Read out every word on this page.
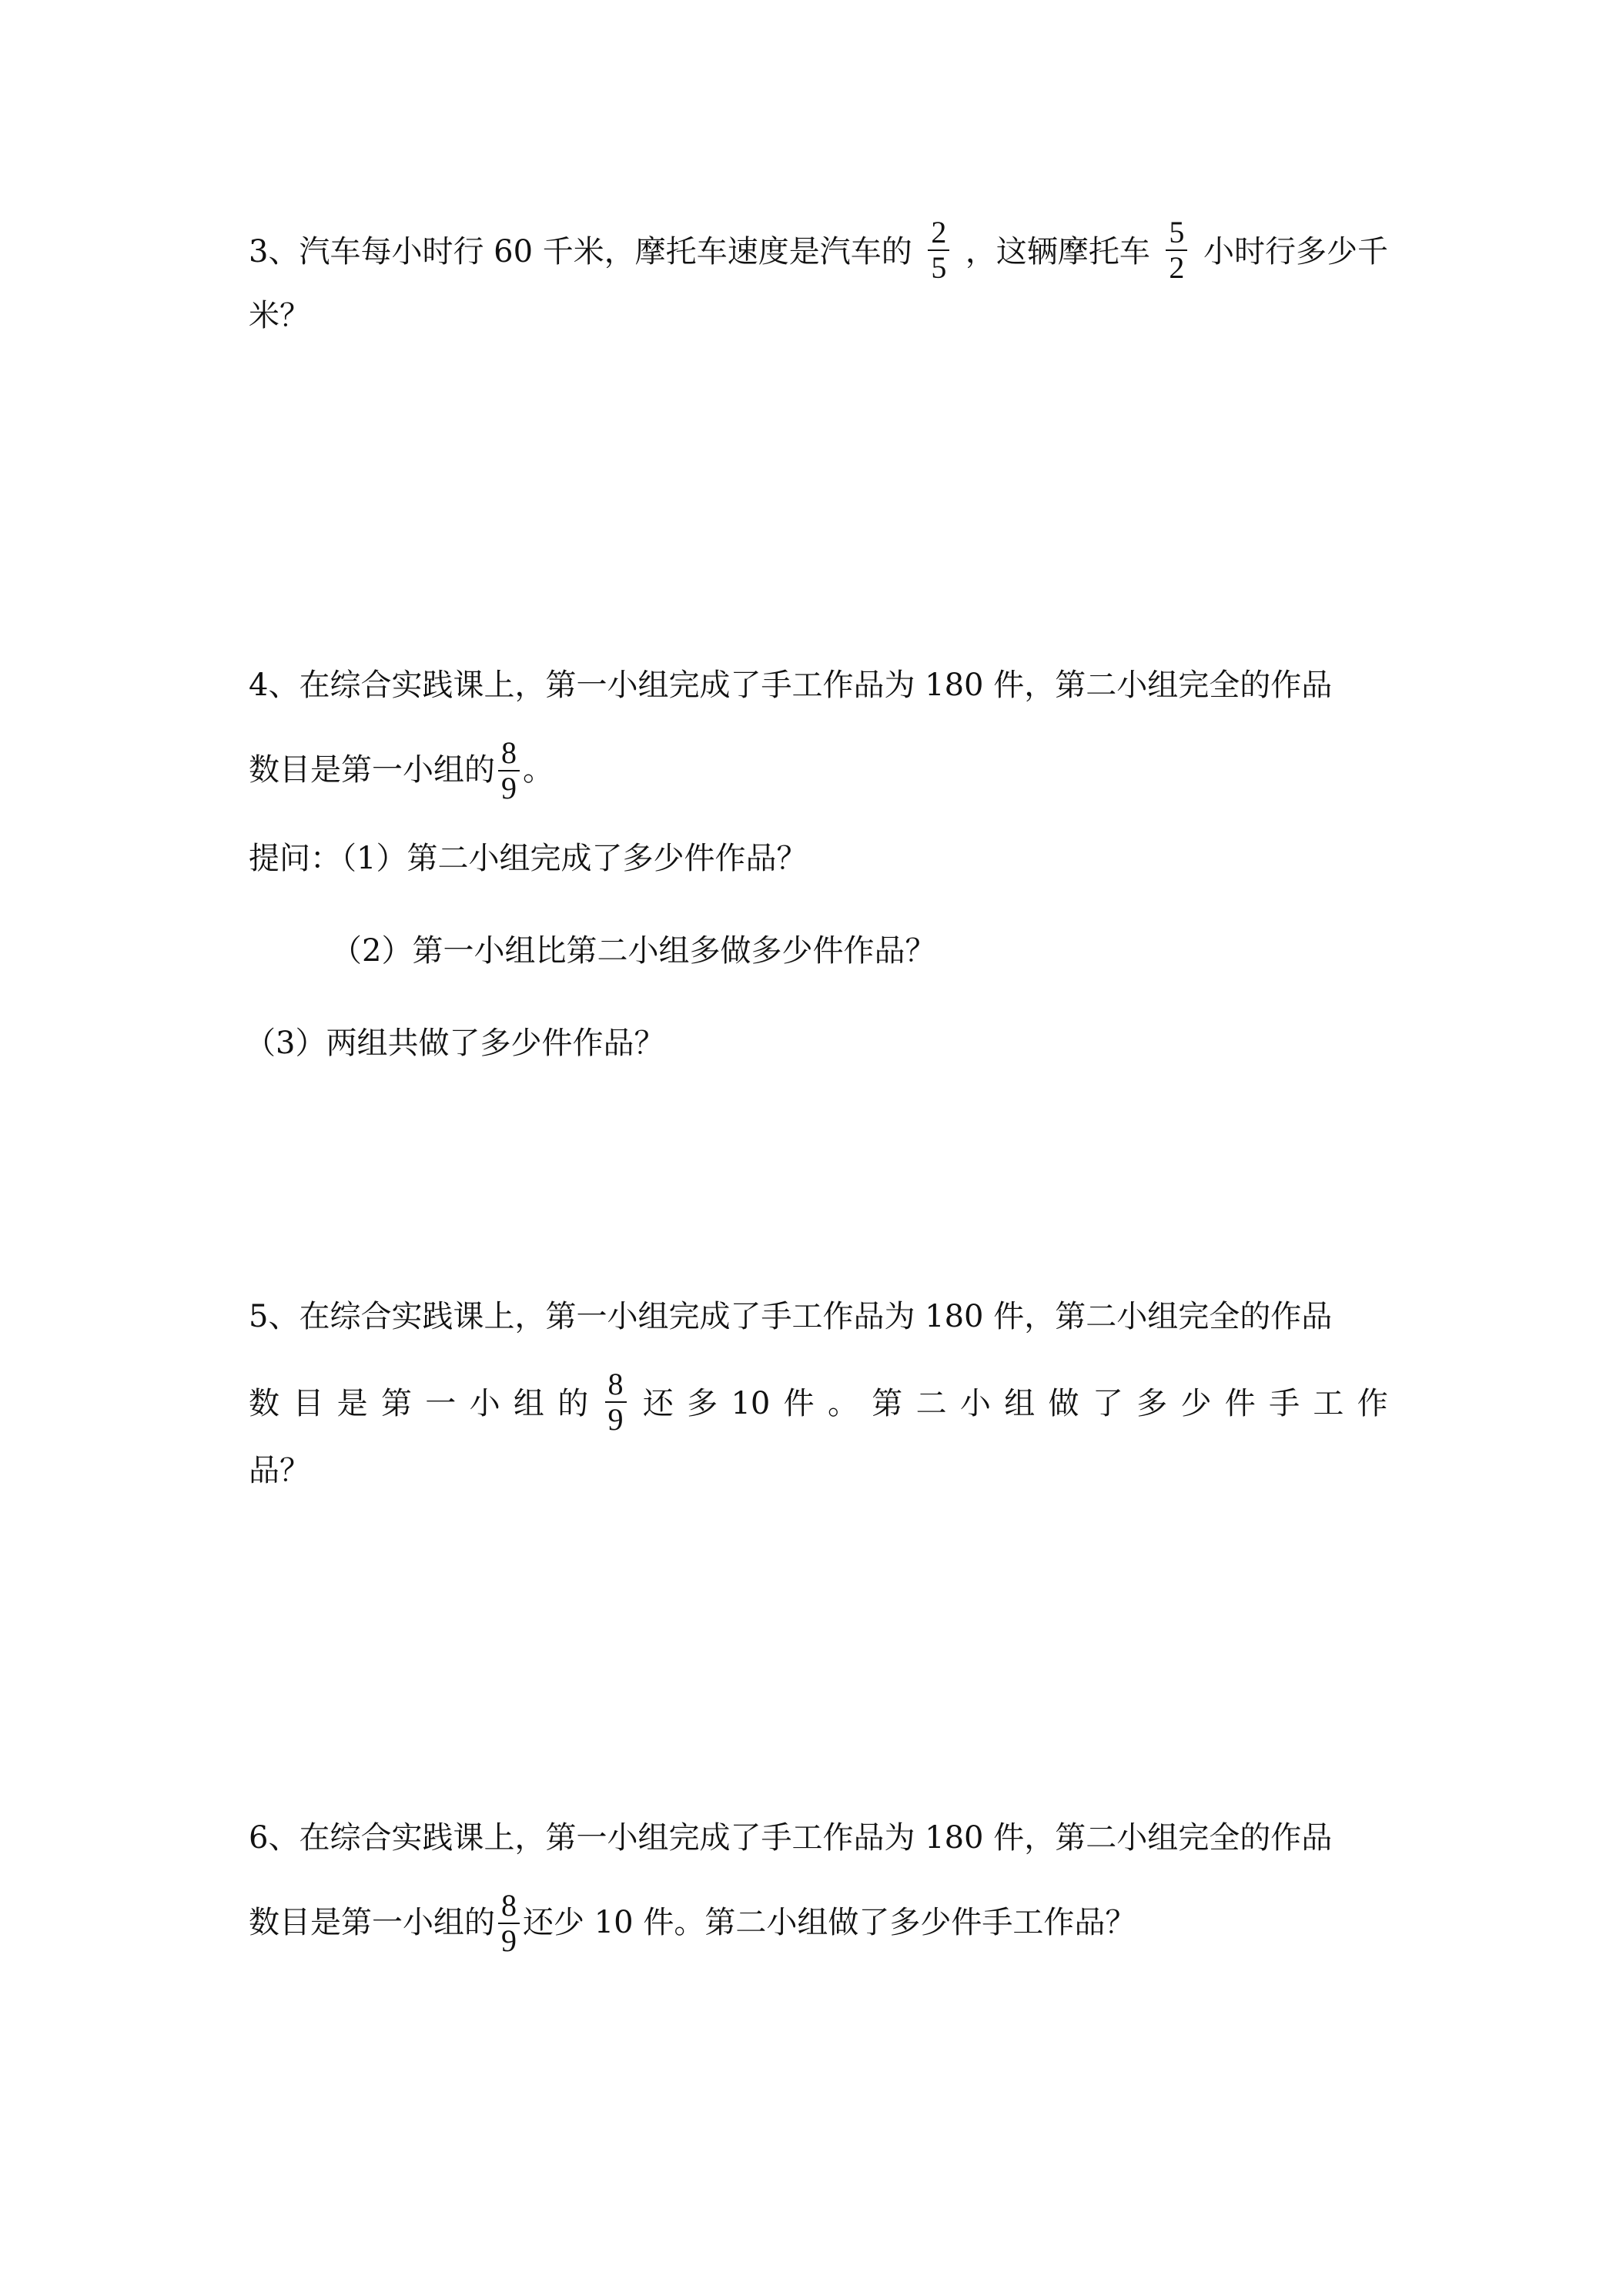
3、汽车每小时行 60 千米，摩托车速度是汽车的 $\frac{2}{5}$ ，这辆摩托车 $\frac{5}{2}$ 小时行多少千
米？
4、在综合实践课上，第一小组完成了手工作品为 180 件，第二小组完全的作品
数目是第一小组的 $\frac{8}{9}$ 。
提问：（1）第二小组完成了多少件作品？
（2）第一小组比第二小组多做多少件作品？
（3）两组共做了多少件作品？
5、在综合实践课上，第一小组完成了手工作品为 180 件，第二小组完全的作品
数 目 是 第 一 小 组 的 $\frac{8}{9}$ 还 多 10 件 。 第 二 小 组 做 了 多 少 件 手 工 作
品？
6、在综合实践课上，第一小组完成了手工作品为 180 件，第二小组完全的作品
数目是第一小组的 $\frac{8}{9}$ 还少 10 件。第二小组做了多少件手工作品？
